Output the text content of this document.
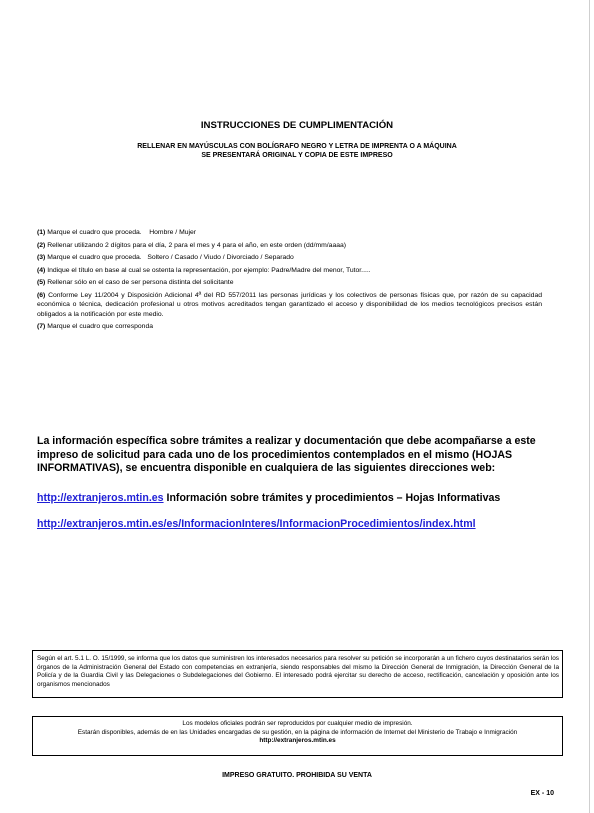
INSTRUCCIONES DE CUMPLIMENTACIÓN
RELLENAR EN MAYÚSCULAS CON BOLÍGRAFO NEGRO Y LETRA DE IMPRENTA O A MÁQUINA
SE PRESENTARÁ ORIGINAL Y COPIA DE ESTE IMPRESO

(1) Marque el cuadro que proceda. Hombre / Mujer

(2) Rellenar utilizando 2 dígitos para el día, 2 para el mes y 4 para el año, en este orden (dd/mm/aaaa)

(3) Marque el cuadro que proceda. Soltero / Casado / Viudo / Divorciado / Separado

(4) Indique el título en base al cual se ostenta la representación, por ejemplo: Padre/Madre del menor, Tutor.....

(5) Rellenar sólo en el caso de ser persona distinta del solicitante

(6) Conforme Ley 11/2004 y Disposición Adicional 4ª del RD 557/2011 las personas jurídicas y los colectivos de personas físicas que, por razón de su capacidad económica o técnica, dedicación profesional u otros motivos acreditados tengan garantizado el acceso y disponibilidad de los medios tecnológicos precisos están obligados a la notificación por este medio.

(7) Marque el cuadro que corresponda

La información específica sobre trámites a realizar y documentación que debe acompañarse a este impreso de solicitud para cada uno de los procedimientos contemplados en el mismo (HOJAS INFORMATIVAS), se encuentra disponible en cualquiera de las siguientes direcciones web:
http://extranjeros.mtin.es Información sobre trámites y procedimientos – Hojas Informativas
http://extranjeros.mtin.es/es/InformacionInteres/InformacionProcedimientos/index.html
Según el art. 5.1 L. O. 15/1999, se informa que los datos que suministren los interesados necesarios para resolver su petición se incorporarán a un fichero cuyos destinatarios serán los órganos de la Administración General del Estado con competencias en extranjería, siendo responsables del mismo la Dirección General de Inmigración, la Dirección General de la Policía y de la Guardia Civil y las Delegaciones o Subdelegaciones del Gobierno. El interesado podrá ejercitar su derecho de acceso, rectificación, cancelación y oposición ante los organismos mencionados
Los modelos oficiales podrán ser reproducidos por cualquier medio de impresión.
Estarán disponibles, además de en las Unidades encargadas de su gestión, en la página de información de Internet del Ministerio de Trabajo e Inmigración
http://extranjeros.mtin.es
IMPRESO GRATUITO. PROHIBIDA SU VENTA
EX - 10
